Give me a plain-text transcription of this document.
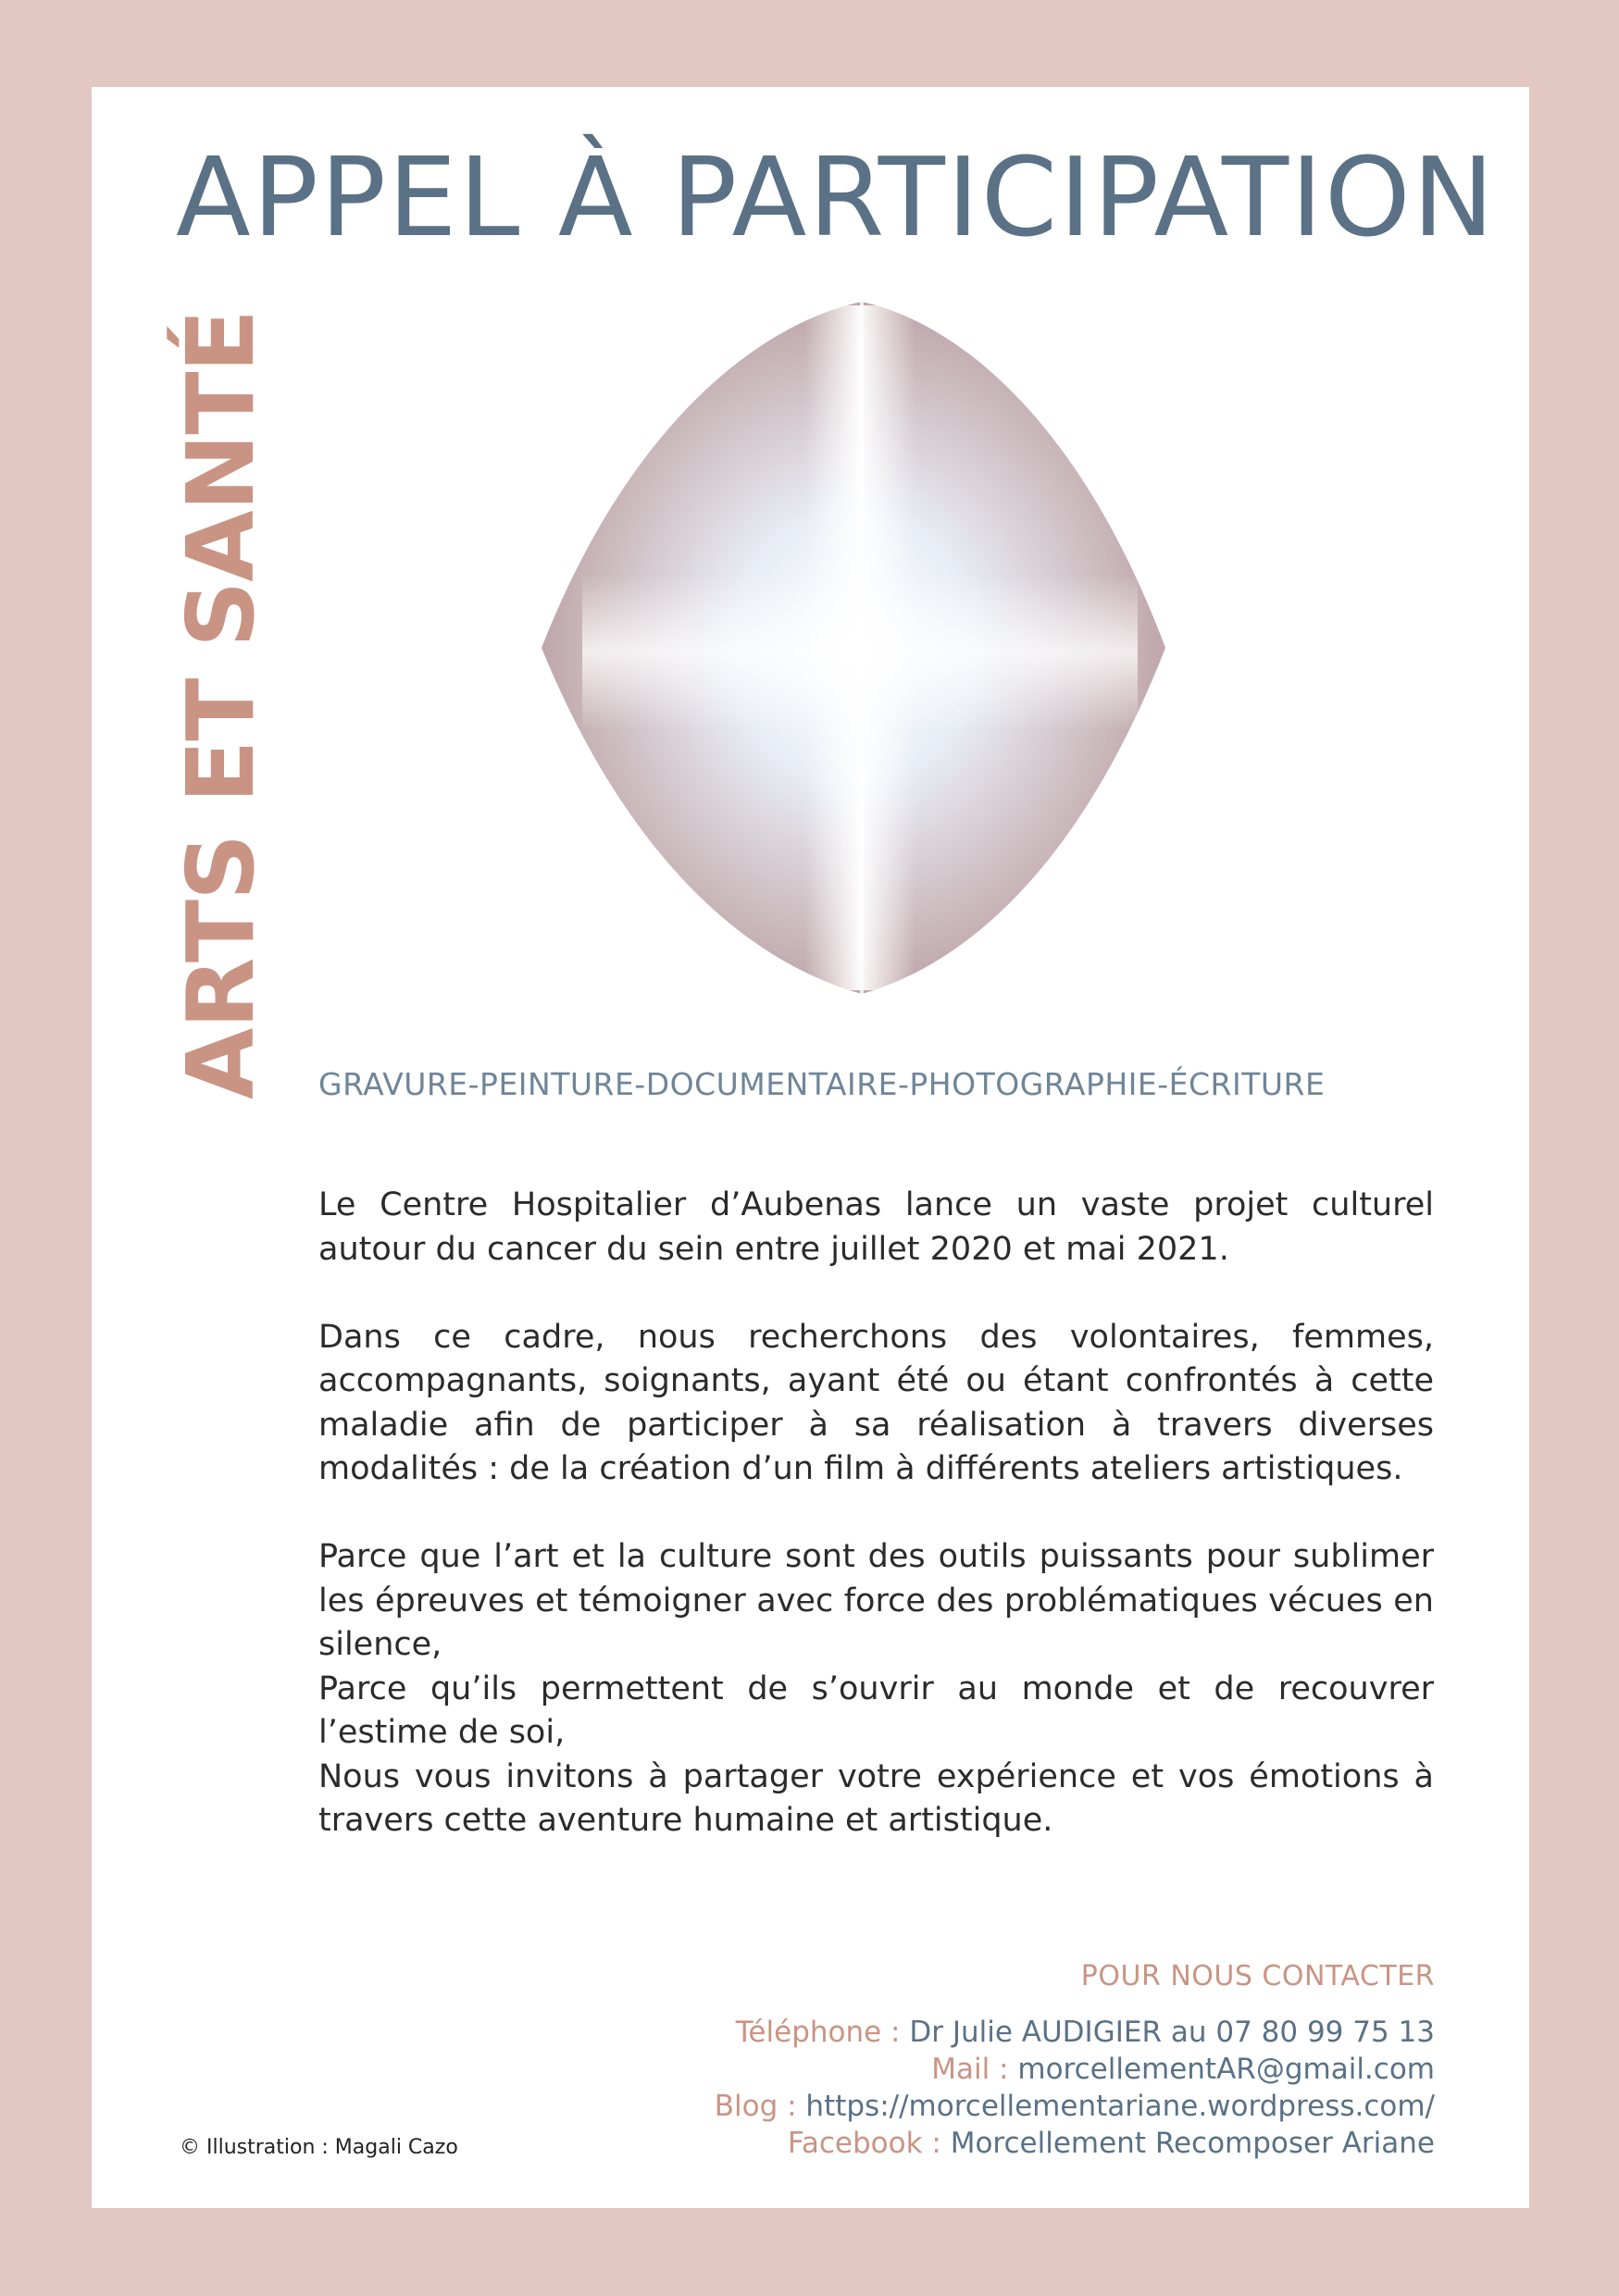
APPEL À PARTICIPATION
ARTS ET SANTÉ GRAVURE-PEINTURE-DOCUMENTAIRE-PHOTOGRAPHIE-ÉCRITURE

Le Centre Hospitalier d’Aubenas lance un vaste projet culturel autour du cancer du sein entre juillet 2020 et mai 2021.

Dans ce cadre, nous recherchons des volontaires, femmes, accompagnants, soignants, ayant été ou étant confrontés à cette maladie afin de participer à sa réalisation à travers diverses modalités : de la création d’un film à différents ateliers artistiques.

Parce que l’art et la culture sont des outils puissants pour sublimer les épreuves et témoigner avec force des problématiques vécues en silence,
Parce qu’ils permettent de s’ouvrir au monde et de recouvrer l’estime de soi,
Nous vous invitons à partager votre expérience et vos émotions à travers cette aventure humaine et artistique.

POUR NOUS CONTACTER
Téléphone : Dr Julie AUDIGIER au 07 80 99 75 13
Mail : morcellementAR@gmail.com
Blog : https://morcellementariane.wordpress.com/
Facebook : Morcellement Recomposer Ariane
© Illustration : Magali Cazo
